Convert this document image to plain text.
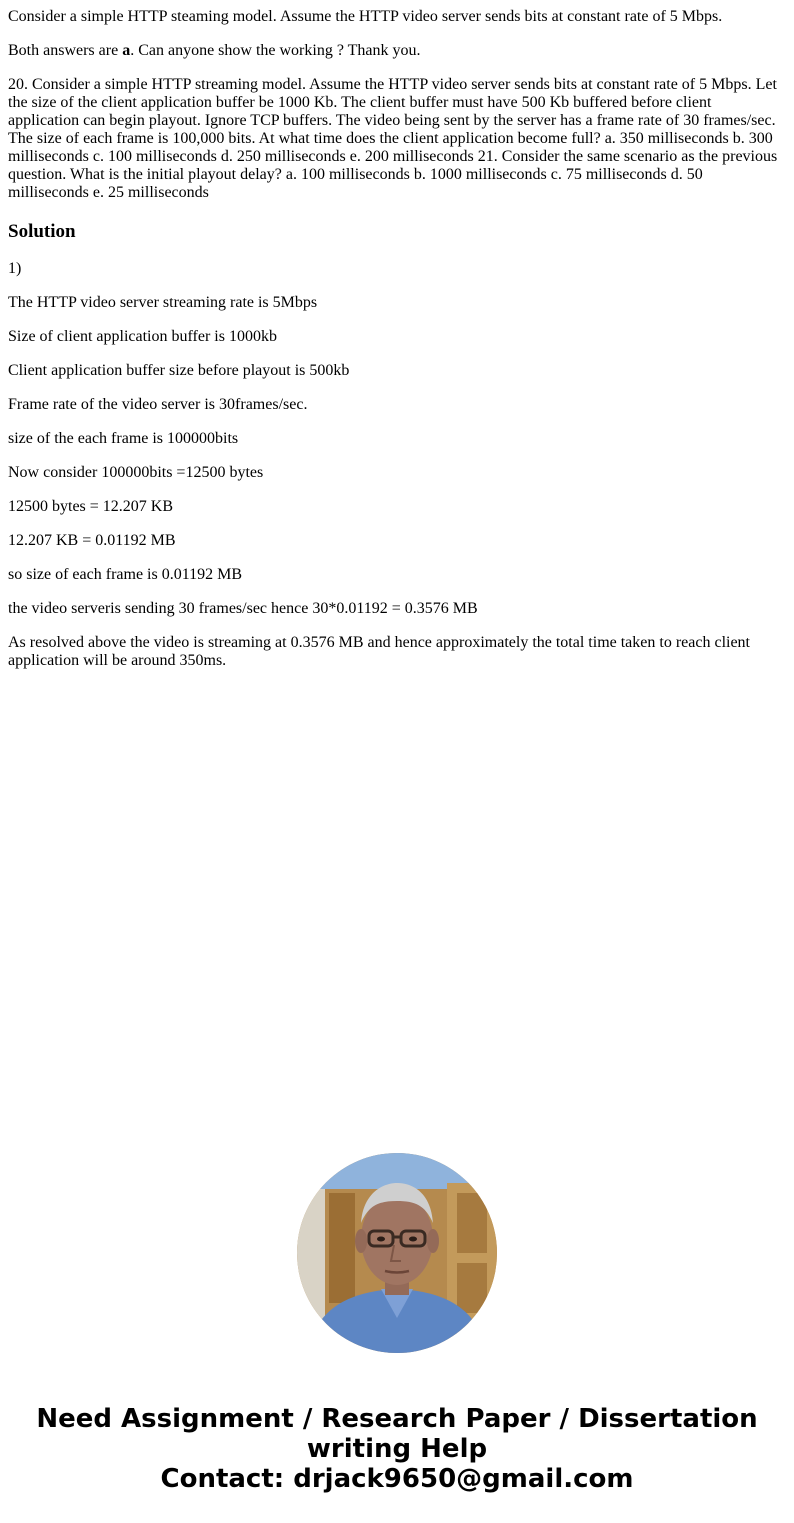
Consider a simple HTTP steaming model. Assume the HTTP video server sends bits at constant rate of 5 Mbps.

Both answers are a. Can anyone show the working ? Thank you.

20. Consider a simple HTTP streaming model. Assume the HTTP video server sends bits at constant rate of 5 Mbps. Let the size of the client application buffer be 1000 Kb. The client buffer must have 500 Kb buffered before client application can begin playout. Ignore TCP buffers. The video being sent by the server has a frame rate of 30 frames/sec. The size of each frame is 100,000 bits. At what time does the client application become full? a. 350 milliseconds b. 300 milliseconds c. 100 milliseconds d. 250 milliseconds e. 200 milliseconds 21. Consider the same scenario as the previous question. What is the initial playout delay? a. 100 milliseconds b. 1000 milliseconds c. 75 milliseconds d. 50 milliseconds e. 25 milliseconds

Solution

1)

The HTTP video server streaming rate is 5Mbps

Size of client application buffer is 1000kb

Client application buffer size before playout is 500kb

Frame rate of the video server is 30frames/sec.

size of the each frame is 100000bits

Now consider 100000bits =12500 bytes

12500 bytes = 12.207 KB

12.207 KB = 0.01192 MB

so size of each frame is 0.01192 MB

the video serveris sending 30 frames/sec hence 30*0.01192 = 0.3576 MB

As resolved above the video is streaming at 0.3576 MB and hence approximately the total time taken to reach client application will be around 350ms.

Need Assignment / Research Paper / Dissertation
writing Help
Contact: drjack9650@gmail.com
